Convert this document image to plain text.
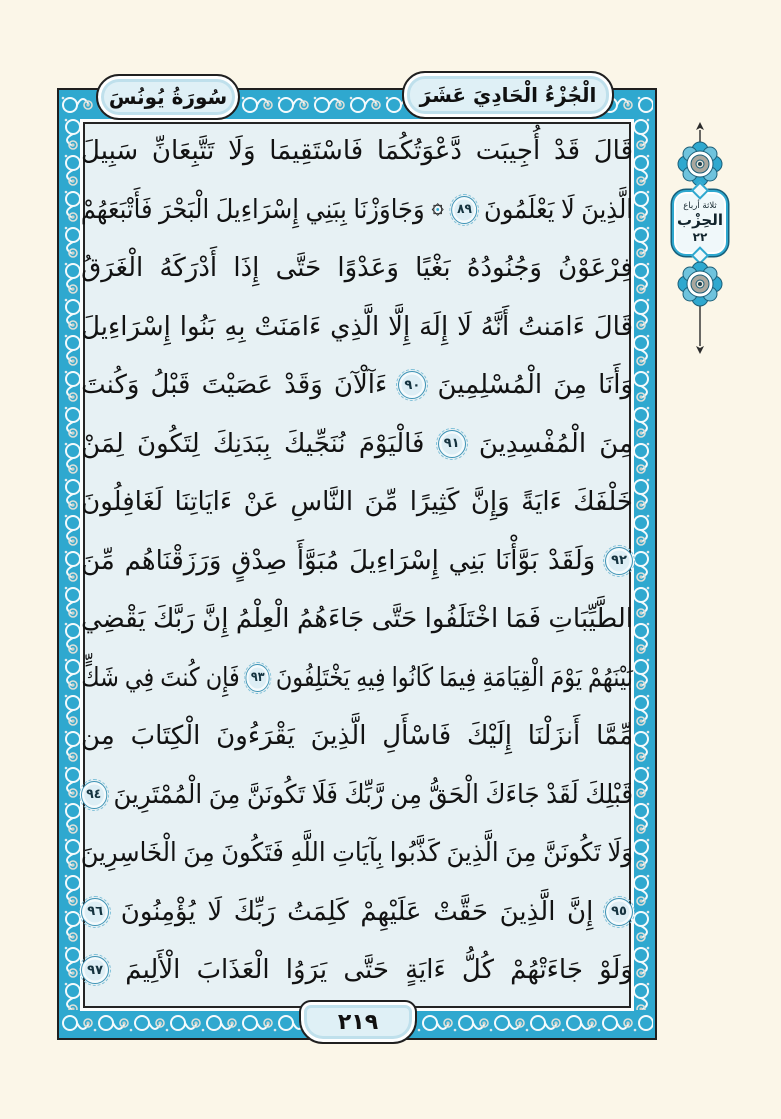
سُورَةُ يُونُسَ	الْجُزْءُ الْحَادِيَ عَشَرَ
قَالَ
قَدْ
أُجِيبَت
دَّعْوَتُكُمَا
فَاسْتَقِيمَا
وَلَا
تَتَّبِعَانِّ
سَبِيلَ
الَّذِينَ
لَا
يَعْلَمُونَ
٨٩
وَجَاوَزْنَا
بِبَنِي
إِسْرَاءِيلَ
الْبَحْرَ
فَأَتْبَعَهُمْ
فِرْعَوْنُ
وَجُنُودُهُ
بَغْيًا
وَعَدْوًا
حَتَّى
إِذَا
أَدْرَكَهُ
الْغَرَقُ
قَالَ
ءَامَنتُ
أَنَّهُ
لَا
إِلَهَ
إِلَّا
الَّذِي
ءَامَنَتْ
بِهِ
بَنُوا
إِسْرَاءِيلَ
وَأَنَا
مِنَ
الْمُسْلِمِينَ
٩٠
ءَآلْآنَ
وَقَدْ
عَصَيْتَ
قَبْلُ
وَكُنتَ
مِنَ
الْمُفْسِدِينَ
٩١
فَالْيَوْمَ
نُنَجِّيكَ
بِبَدَنِكَ
لِتَكُونَ
لِمَنْ
خَلْفَكَ
ءَايَةً
وَإِنَّ
كَثِيرًا
مِّنَ
النَّاسِ
عَنْ
ءَايَاتِنَا
لَغَافِلُونَ
٩٢
وَلَقَدْ
بَوَّأْنَا
بَنِي
إِسْرَاءِيلَ
مُبَوَّأَ
صِدْقٍ
وَرَزَقْنَاهُم
مِّنَ
الطَّيِّبَاتِ
فَمَا
اخْتَلَفُوا
حَتَّى
جَاءَهُمُ
الْعِلْمُ
إِنَّ
رَبَّكَ
يَقْضِي
بَيْنَهُمْ
يَوْمَ
الْقِيَامَةِ
فِيمَا
كَانُوا
فِيهِ
يَخْتَلِفُونَ
٩٣
فَإِن
كُنتَ
فِي
شَكٍّ
مِّمَّا
أَنزَلْنَا
إِلَيْكَ
فَاسْأَلِ
الَّذِينَ
يَقْرَءُونَ
الْكِتَابَ
مِن
قَبْلِكَ
لَقَدْ
جَاءَكَ
الْحَقُّ
مِن
رَّبِّكَ
فَلَا
تَكُونَنَّ
مِنَ
الْمُمْتَرِينَ
٩٤
وَلَا
تَكُونَنَّ
مِنَ
الَّذِينَ
كَذَّبُوا
بِآيَاتِ
اللَّهِ
فَتَكُونَ
مِنَ
الْخَاسِرِينَ
٩٥
إِنَّ
الَّذِينَ
حَقَّتْ
عَلَيْهِمْ
كَلِمَتُ
رَبِّكَ
لَا
يُؤْمِنُونَ
٩٦
وَلَوْ
جَاءَتْهُمْ
كُلُّ
ءَايَةٍ
حَتَّى
يَرَوُا
الْعَذَابَ
الْأَلِيمَ
٩٧
٢١٩
ثلاثة أرباع
الحِزْب
٢٢
